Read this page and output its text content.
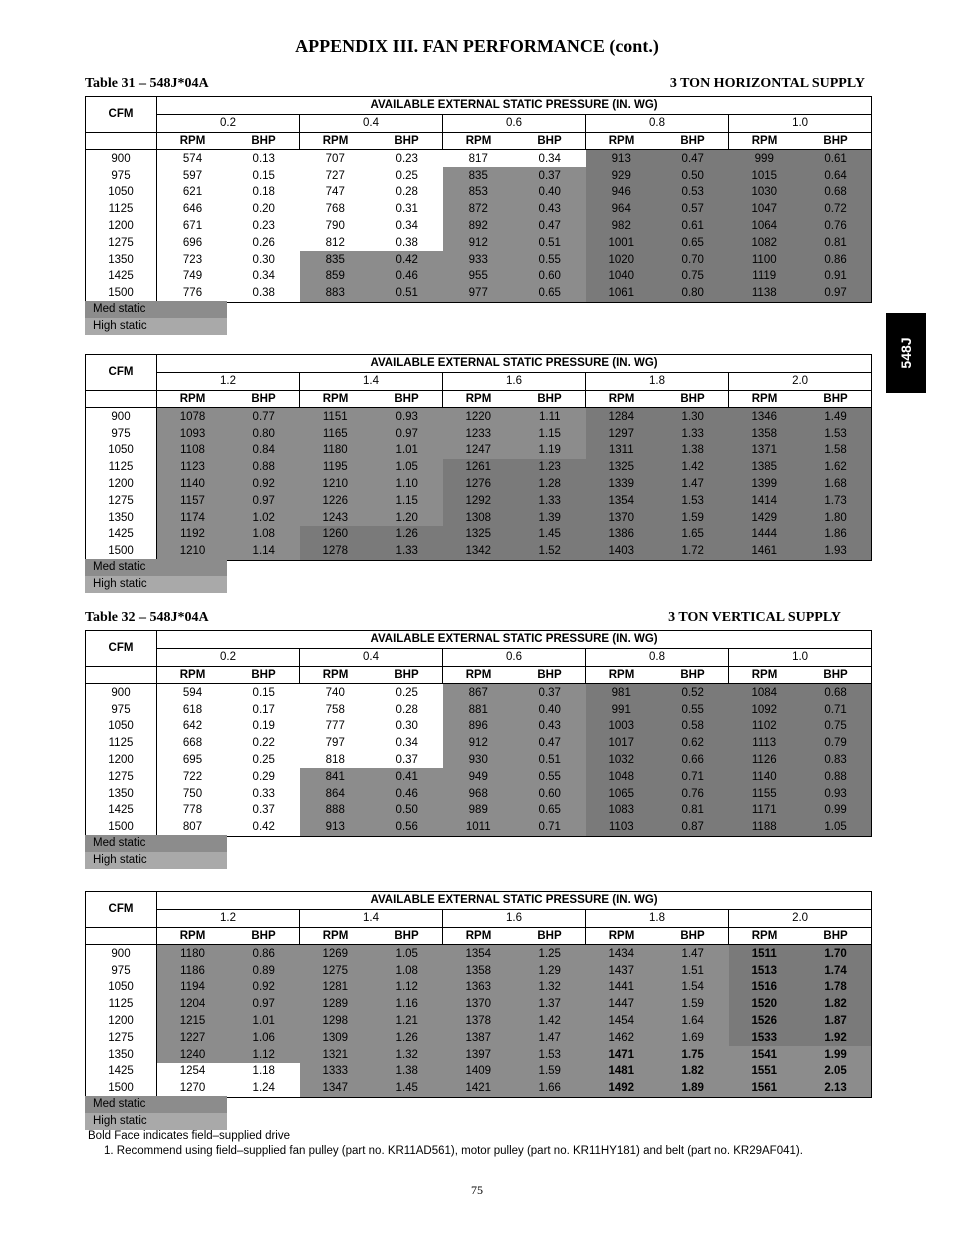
APPENDIX III. FAN PERFORMANCE (cont.)
Table 31 – 548J*04A	3 TON HORIZONTAL SUPPLY
CFM	AVAILABLE EXTERNAL STATIC PRESSURE (IN. WG)									
	0.2		0.4		0.6		0.8		1.0	
	RPM	BHP	RPM	BHP	RPM	BHP	RPM	BHP	RPM	BHP
900	574	0.13	707	0.23	817	0.34	913	0.47	999	0.61
975	597	0.15	727	0.25	835	0.37	929	0.50	1015	0.64
1050	621	0.18	747	0.28	853	0.40	946	0.53	1030	0.68
1125	646	0.20	768	0.31	872	0.43	964	0.57	1047	0.72
1200	671	0.23	790	0.34	892	0.47	982	0.61	1064	0.76
1275	696	0.26	812	0.38	912	0.51	1001	0.65	1082	0.81
1350	723	0.30	835	0.42	933	0.55	1020	0.70	1100	0.86
1425	749	0.34	859	0.46	955	0.60	1040	0.75	1119	0.91
1500	776	0.38	883	0.51	977	0.65	1061	0.80	1138	0.97
Med static
High static
CFM	AVAILABLE EXTERNAL STATIC PRESSURE (IN. WG)									
	1.2		1.4		1.6		1.8		2.0	
	RPM	BHP	RPM	BHP	RPM	BHP	RPM	BHP	RPM	BHP
900	1078	0.77	1151	0.93	1220	1.11	1284	1.30	1346	1.49
975	1093	0.80	1165	0.97	1233	1.15	1297	1.33	1358	1.53
1050	1108	0.84	1180	1.01	1247	1.19	1311	1.38	1371	1.58
1125	1123	0.88	1195	1.05	1261	1.23	1325	1.42	1385	1.62
1200	1140	0.92	1210	1.10	1276	1.28	1339	1.47	1399	1.68
1275	1157	0.97	1226	1.15	1292	1.33	1354	1.53	1414	1.73
1350	1174	1.02	1243	1.20	1308	1.39	1370	1.59	1429	1.80
1425	1192	1.08	1260	1.26	1325	1.45	1386	1.65	1444	1.86
1500	1210	1.14	1278	1.33	1342	1.52	1403	1.72	1461	1.93
Med static
High static
Table 32 – 548J*04A	3 TON VERTICAL SUPPLY
CFM	AVAILABLE EXTERNAL STATIC PRESSURE (IN. WG)									
	0.2		0.4		0.6		0.8		1.0	
	RPM	BHP	RPM	BHP	RPM	BHP	RPM	BHP	RPM	BHP
900	594	0.15	740	0.25	867	0.37	981	0.52	1084	0.68
975	618	0.17	758	0.28	881	0.40	991	0.55	1092	0.71
1050	642	0.19	777	0.30	896	0.43	1003	0.58	1102	0.75
1125	668	0.22	797	0.34	912	0.47	1017	0.62	1113	0.79
1200	695	0.25	818	0.37	930	0.51	1032	0.66	1126	0.83
1275	722	0.29	841	0.41	949	0.55	1048	0.71	1140	0.88
1350	750	0.33	864	0.46	968	0.60	1065	0.76	1155	0.93
1425	778	0.37	888	0.50	989	0.65	1083	0.81	1171	0.99
1500	807	0.42	913	0.56	1011	0.71	1103	0.87	1188	1.05
Med static
High static
CFM	AVAILABLE EXTERNAL STATIC PRESSURE (IN. WG)									
	1.2		1.4		1.6		1.8		2.0	
	RPM	BHP	RPM	BHP	RPM	BHP	RPM	BHP	RPM	BHP
900	1180	0.86	1269	1.05	1354	1.25	1434	1.47	1511	1.70
975	1186	0.89	1275	1.08	1358	1.29	1437	1.51	1513	1.74
1050	1194	0.92	1281	1.12	1363	1.32	1441	1.54	1516	1.78
1125	1204	0.97	1289	1.16	1370	1.37	1447	1.59	1520	1.82
1200	1215	1.01	1298	1.21	1378	1.42	1454	1.64	1526	1.87
1275	1227	1.06	1309	1.26	1387	1.47	1462	1.69	1533	1.92
1350	1240	1.12	1321	1.32	1397	1.53	1471	1.75	1541	1.99
1425	1254	1.18	1333	1.38	1409	1.59	1481	1.82	1551	2.05
1500	1270	1.24	1347	1.45	1421	1.66	1492	1.89	1561	2.13
Med static
High static
Bold Face indicates field–supplied drive
1. Recommend using field–supplied fan pulley (part no. KR11AD561), motor pulley (part no. KR11HY181) and belt (part no. KR29AF041).
548J
75
